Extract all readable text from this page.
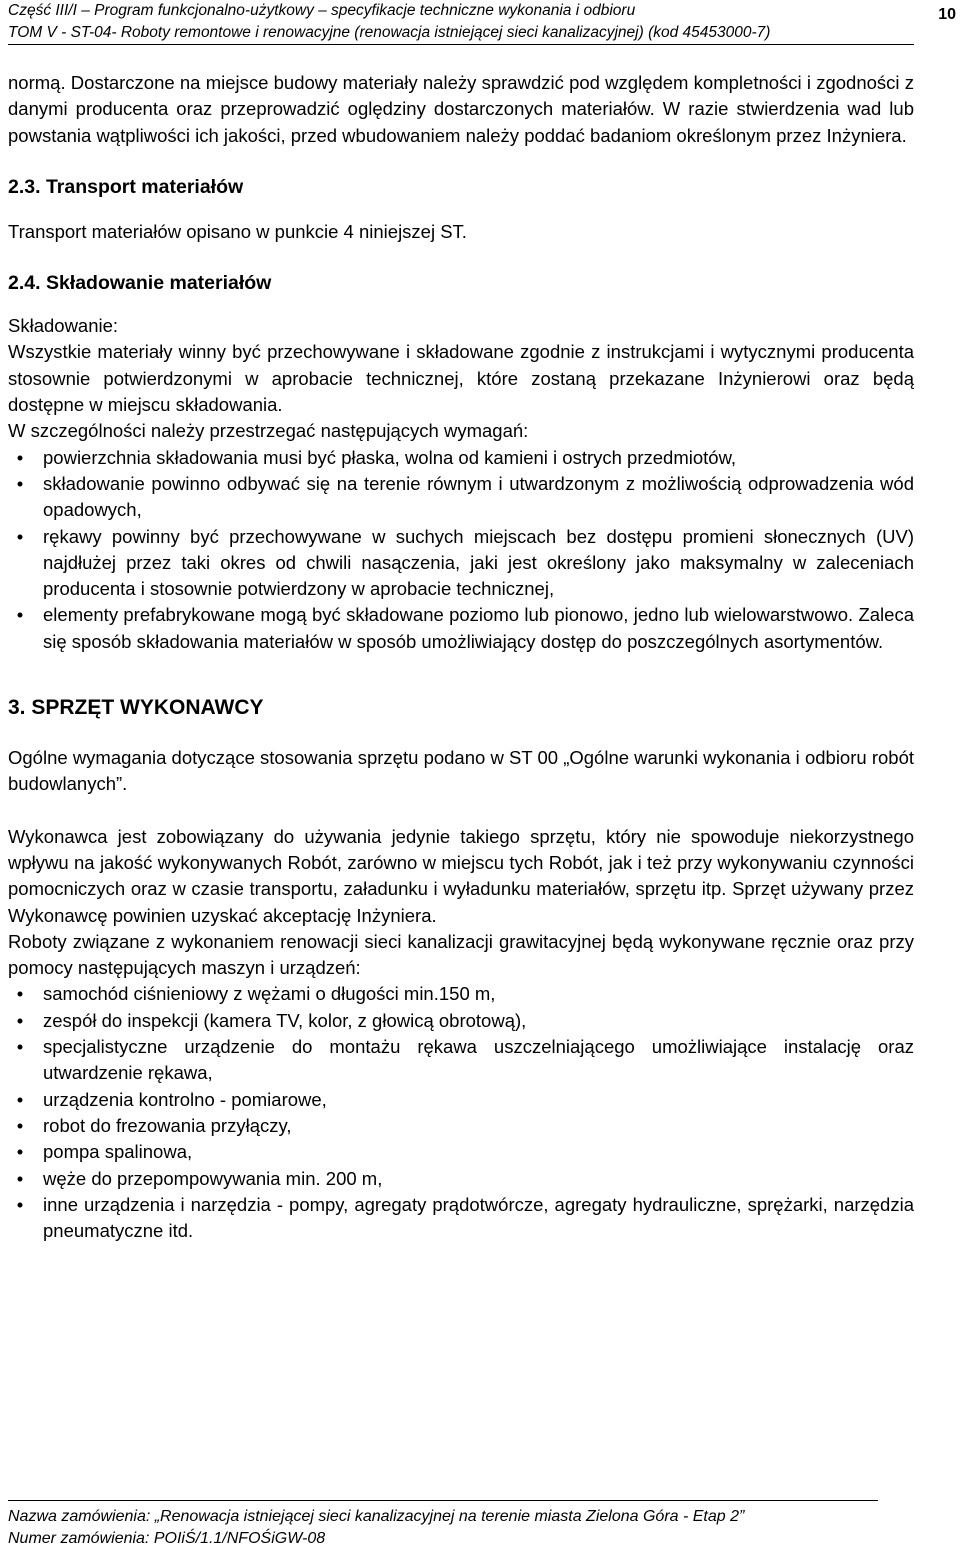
Część III/I – Program funkcjonalno-użytkowy – specyfikacje techniczne wykonania i odbioru
TOM V - ST-04- Roboty remontowe i renowacyjne (renowacja istniejącej sieci kanalizacyjnej) (kod 45453000-7)
10

normą. Dostarczone na miejsce budowy materiały należy sprawdzić pod względem kompletności i zgodności z danymi producenta oraz przeprowadzić oględziny dostarczonych materiałów. W razie stwierdzenia wad lub powstania wątpliwości ich jakości, przed wbudowaniem należy poddać badaniom określonym przez Inżyniera.

2.3. Transport materiałów

Transport materiałów opisano w punkcie 4 niniejszej ST.

2.4. Składowanie materiałów

Składowanie:

Wszystkie materiały winny być przechowywane i składowane zgodnie z instrukcjami i wytycznymi producenta stosownie potwierdzonymi w aprobacie technicznej, które zostaną przekazane Inżynierowi oraz będą dostępne w miejscu składowania.

W szczególności należy przestrzegać następujących wymagań:

•	powierzchnia składowania musi być płaska, wolna od kamieni i ostrych przedmiotów,
•	składowanie powinno odbywać się na terenie równym i utwardzonym z możliwością odprowadzenia wód opadowych,
•	rękawy powinny być przechowywane w suchych miejscach bez dostępu promieni słonecznych (UV) najdłużej przez taki okres od chwili nasączenia, jaki jest określony jako maksymalny w zaleceniach producenta i stosownie potwierdzony w aprobacie technicznej,
•	elementy prefabrykowane mogą być składowane poziomo lub pionowo, jedno lub wielowarstwowo. Zaleca się sposób składowania materiałów w sposób umożliwiający dostęp do poszczególnych asortymentów.
3. SPRZĘT WYKONAWCY

Ogólne wymagania dotyczące stosowania sprzętu podano w ST 00 „Ogólne warunki wykonania i odbioru robót budowlanych”.

Wykonawca jest zobowiązany do używania jedynie takiego sprzętu, który nie spowoduje niekorzystnego wpływu na jakość wykonywanych Robót, zarówno w miejscu tych Robót, jak i też przy wykonywaniu czynności pomocniczych oraz w czasie transportu, załadunku i wyładunku materiałów, sprzętu itp. Sprzęt używany przez Wykonawcę powinien uzyskać akceptację Inżyniera.

Roboty związane z wykonaniem renowacji sieci kanalizacji grawitacyjnej będą wykonywane ręcznie oraz przy pomocy następujących maszyn i urządzeń:

•	samochód ciśnieniowy z wężami o długości min.150 m,
•	zespół do inspekcji (kamera TV, kolor, z głowicą obrotową),
•	specjalistyczne urządzenie do montażu rękawa uszczelniającego umożliwiające instalację oraz utwardzenie rękawa,
•	urządzenia kontrolno - pomiarowe,
•	robot do frezowania przyłączy,
•	pompa spalinowa,
•	węże do przepompowywania min. 200 m,
•	inne urządzenia i narzędzia - pompy, agregaty prądotwórcze, agregaty hydrauliczne, sprężarki, narzędzia pneumatyczne itd.
Nazwa zamówienia: „Renowacja istniejącej sieci kanalizacyjnej na terenie miasta Zielona Góra - Etap 2”
Numer zamówienia: POIiŚ/1.1/NFOŚiGW-08
